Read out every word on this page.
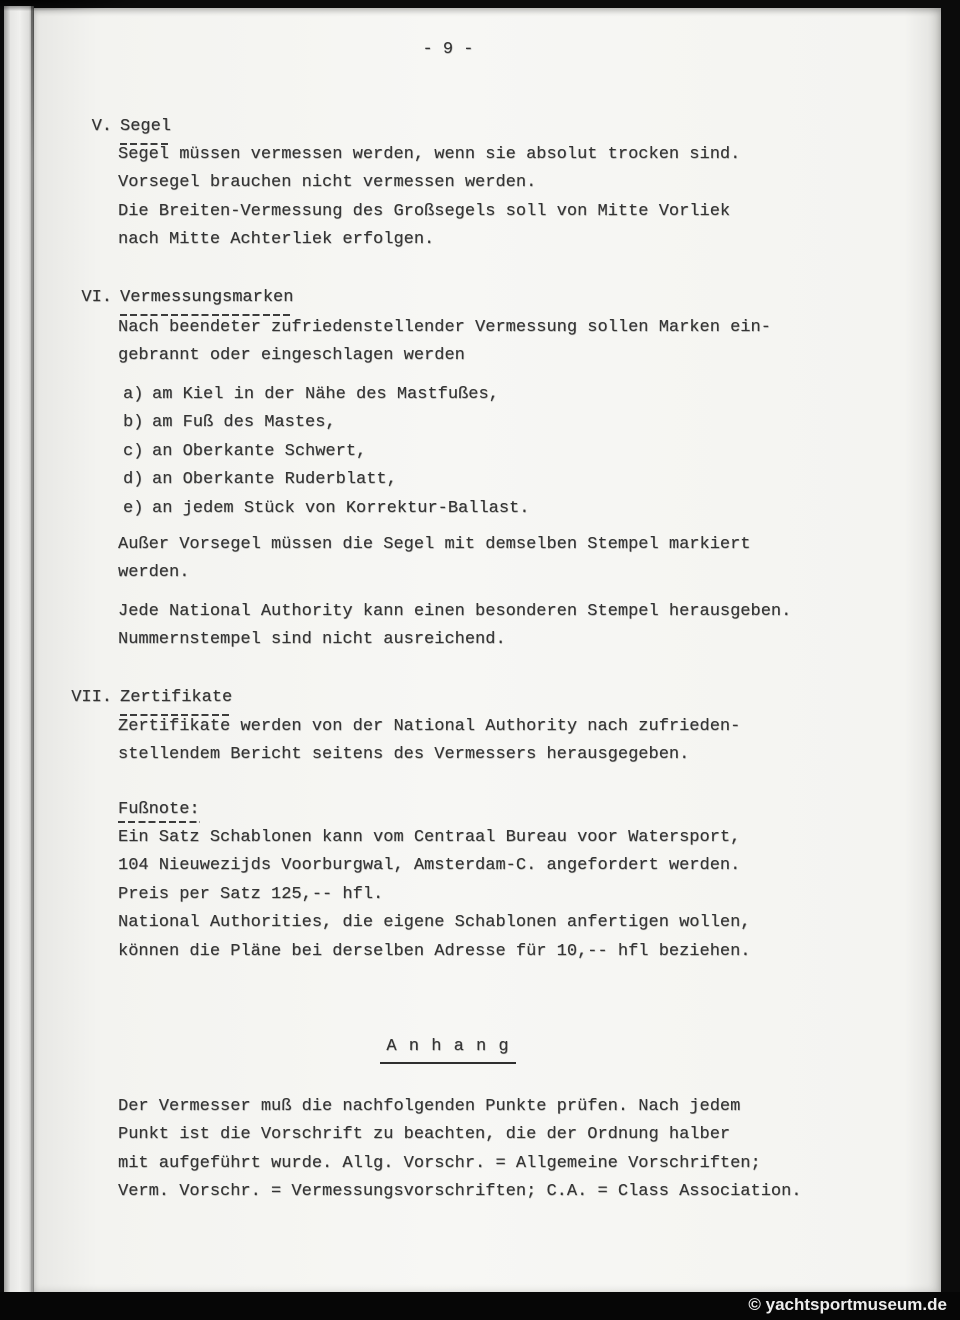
- 9 -
V. Segel
Segel müssen vermessen werden, wenn sie absolut trocken sind.
Vorsegel brauchen nicht vermessen werden.
Die Breiten-Vermessung des Großsegels soll von Mitte Vorliek
nach Mitte Achterliek erfolgen.
VI. Vermessungsmarken
Nach beendeter zufriedenstellender Vermessung sollen Marken ein-
gebrannt oder eingeschlagen werden
a) am Kiel in der Nähe des Mastfußes,
b) am Fuß des Mastes,
c) an Oberkante Schwert,
d) an Oberkante Ruderblatt,
e) an jedem Stück von Korrektur-Ballast.
Außer Vorsegel müssen die Segel mit demselben Stempel markiert
werden.
Jede National Authority kann einen besonderen Stempel herausgeben.
Nummernstempel sind nicht ausreichend.
VII. Zertifikate
Zertifikate werden von der National Authority nach zufrieden-
stellendem Bericht seitens des Vermessers herausgegeben.
Fußnote:
Ein Satz Schablonen kann vom Centraal Bureau voor Watersport,
104 Nieuwezijds Voorburgwal, Amsterdam-C. angefordert werden.
Preis per Satz 125,-- hfl.
National Authorities, die eigene Schablonen anfertigen wollen,
können die Pläne bei derselben Adresse für 10,-- hfl beziehen.
A n h a n g
Der Vermesser muß die nachfolgenden Punkte prüfen. Nach jedem
Punkt ist die Vorschrift zu beachten, die der Ordnung halber
mit aufgeführt wurde. Allg. Vorschr. = Allgemeine Vorschriften;
Verm. Vorschr. = Vermessungsvorschriften; C.A. = Class Association.
© yachtsportmuseum.de
